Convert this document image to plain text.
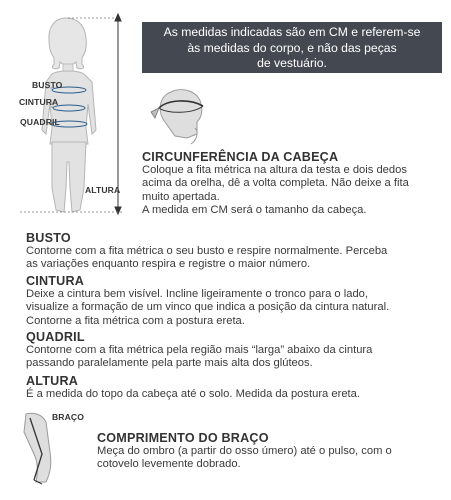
As medidas indicadas são em CM e referem-se
às medidas do corpo, e não das peças
de vestuário.
BUSTO
CINTURA
QUADRIL
ALTURA
CIRCUNFERÊNCIA DA CABEÇA
Coloque a fita métrica na altura da testa e dois dedos
acima da orelha, dê a volta completa. Não deixe a fita
muito apertada.
A medida em CM será o tamanho da cabeça.
BUSTO
Contorne com a fita métrica o seu busto e respire normalmente. Perceba
as variações enquanto respira e registre o maior número.
CINTURA
Deixe a cintura bem visível. Incline ligeiramente o tronco para o lado,
visualize a formação de um vinco que indica a posição da cintura natural.
Contorne a fita métrica com a postura ereta.
QUADRIL
Contorne com a fita métrica pela região mais “larga” abaixo da cintura
passando paralelamente pela parte mais alta dos glúteos.
ALTURA
É a medida do topo da cabeça até o solo. Medida da postura ereta.
BRAÇO
COMPRIMENTO DO BRAÇO
Meça do ombro (a partir do osso úmero) até o pulso, com o
cotovelo levemente dobrado.
